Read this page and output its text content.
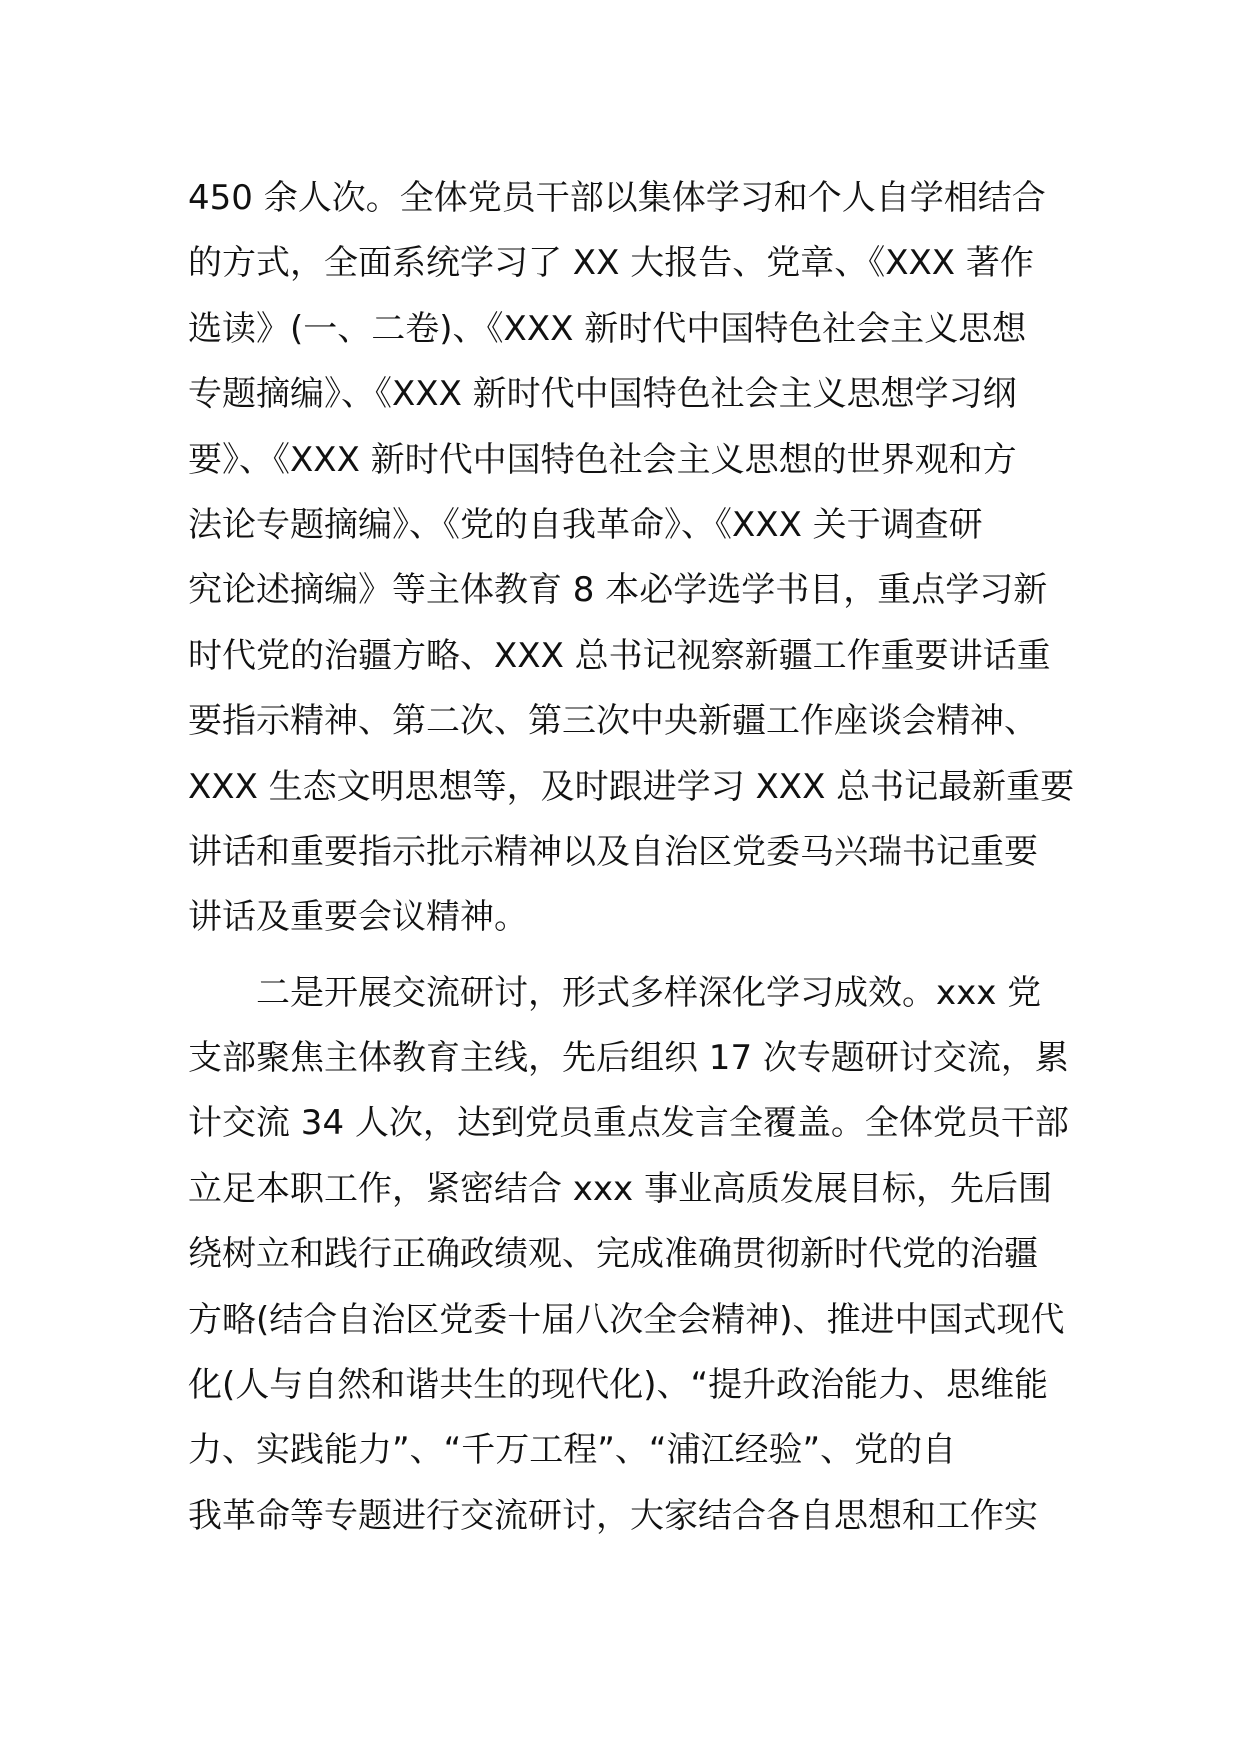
450 余人次。全体党员干部以集体学习和个人自学相结合
的方式，全面系统学习了 XX 大报告、党章、《XXX 著作
选读》(一、二卷)、《XXX 新时代中国特色社会主义思想
专题摘编》、《XXX 新时代中国特色社会主义思想学习纲
要》、《XXX 新时代中国特色社会主义思想的世界观和方
法论专题摘编》、《党的自我革命》、《XXX 关于调查研
究论述摘编》等主体教育 8 本必学选学书目，重点学习新
时代党的治疆方略、XXX 总书记视察新疆工作重要讲话重
要指示精神、第二次、第三次中央新疆工作座谈会精神、
XXX 生态文明思想等，及时跟进学习 XXX 总书记最新重要
讲话和重要指示批示精神以及自治区党委马兴瑞书记重要
讲话及重要会议精神。
　　二是开展交流研讨，形式多样深化学习成效。xxx 党
支部聚焦主体教育主线，先后组织 17 次专题研讨交流，累
计交流 34 人次，达到党员重点发言全覆盖。全体党员干部
立足本职工作，紧密结合 xxx 事业高质发展目标，先后围
绕树立和践行正确政绩观、完成准确贯彻新时代党的治疆
方略(结合自治区党委十届八次全会精神)、推进中国式现代
化(人与自然和谐共生的现代化)、“提升政治能力、思维能
力、实践能力”、“千万工程”、“浦江经验”、党的自
我革命等专题进行交流研讨，大家结合各自思想和工作实
